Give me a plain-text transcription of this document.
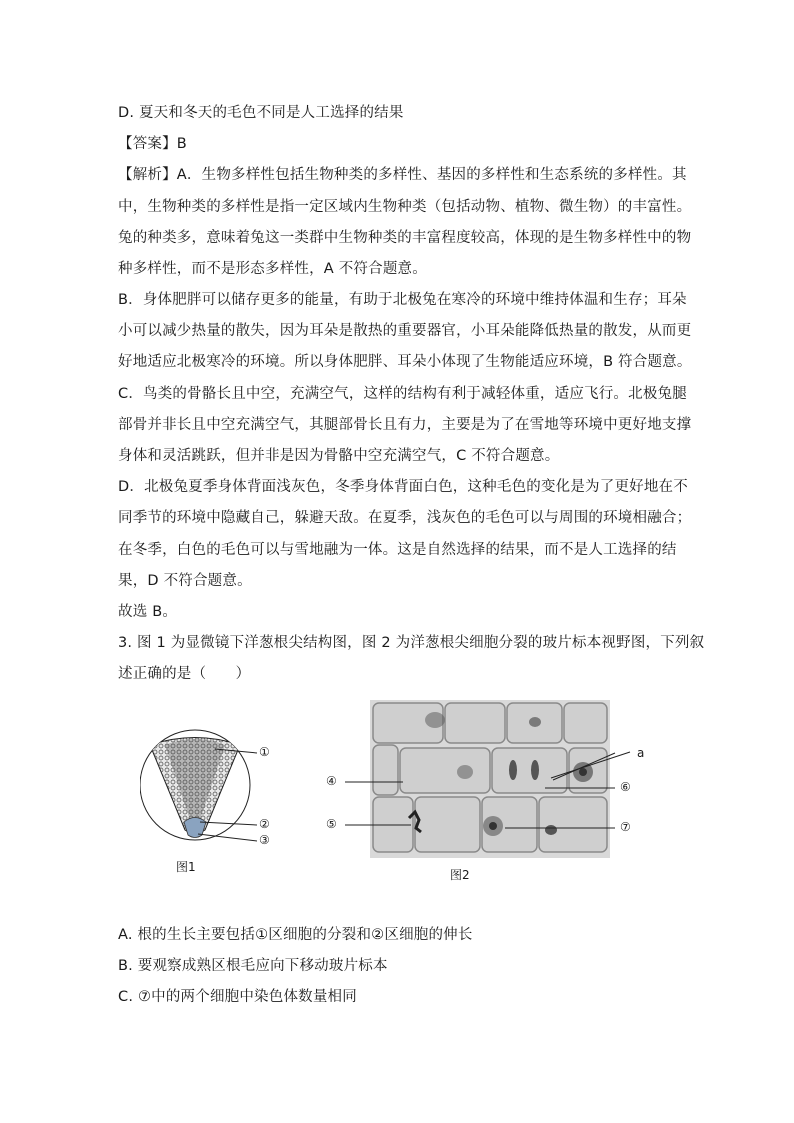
D. 夏天和冬天的毛色不同是人工选择的结果
【答案】B
【解析】A．生物多样性包括生物种类的多样性、基因的多样性和生态系统的多样性。其
中，生物种类的多样性是指一定区域内生物种类（包括动物、植物、微生物）的丰富性。
兔的种类多，意味着兔这一类群中生物种类的丰富程度较高，体现的是生物多样性中的物
种多样性，而不是形态多样性，A 不符合题意。
B．身体肥胖可以储存更多的能量，有助于北极兔在寒冷的环境中维持体温和生存；耳朵
小可以减少热量的散失，因为耳朵是散热的重要器官，小耳朵能降低热量的散发，从而更
好地适应北极寒冷的环境。所以身体肥胖、耳朵小体现了生物能适应环境，B 符合题意。
C．鸟类的骨骼长且中空，充满空气，这样的结构有利于减轻体重，适应飞行。北极兔腿
部骨并非长且中空充满空气，其腿部骨长且有力，主要是为了在雪地等环境中更好地支撑
身体和灵活跳跃，但并非是因为骨骼中空充满空气，C 不符合题意。
D．北极兔夏季身体背面浅灰色，冬季身体背面白色，这种毛色的变化是为了更好地在不
同季节的环境中隐藏自己，躲避天敌。在夏季，浅灰色的毛色可以与周围的环境相融合；
在冬季，白色的毛色可以与雪地融为一体。这是自然选择的结果，而不是人工选择的结
果，D 不符合题意。
故选 B。
3. 图 1 为显微镜下洋葱根尖结构图，图 2 为洋葱根尖细胞分裂的玻片标本视野图，下列叙
述正确的是（　　）
①
②
③
图1
a
④	⑥
⑤	⑦
图2
A. 根的生长主要包括①区细胞的分裂和②区细胞的伸长
B. 要观察成熟区根毛应向下移动玻片标本
C. ⑦中的两个细胞中染色体数量相同
